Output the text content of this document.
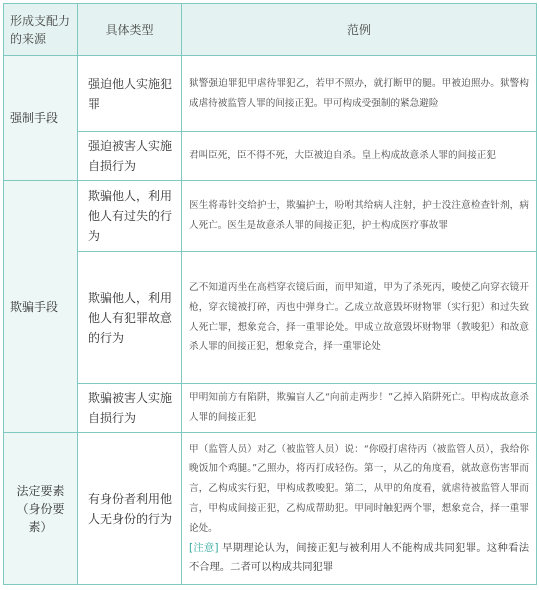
形成支配力的来源	具体类型	范例
强制手段	强迫他人实施犯罪	狱警强迫罪犯甲虐待罪犯乙，若甲不照办，就打断甲的腿。甲被迫照办。狱警构成虐待被监管人罪的间接正犯。甲可构成受强制的紧急避险
	强迫被害人实施自损行为	君叫臣死，臣不得不死，大臣被迫自杀。皇上构成故意杀人罪的间接正犯
欺骗手段	欺骗他人，利用他人有过失的行为	医生将毒针交给护士，欺骗护士，吩咐其给病人注射，护士没注意检查针剂，病人死亡。医生是故意杀人罪的间接正犯，护士构成医疗事故罪
	欺骗他人，利用他人有犯罪故意的行为	乙不知道丙坐在高档穿衣镜后面，而甲知道，甲为了杀死丙，唆使乙向穿衣镜开枪，穿衣镜被打碎，丙也中弹身亡。乙成立故意毁坏财物罪（实行犯）和过失致人死亡罪，想象竞合，择一重罪论处。甲成立故意毁坏财物罪（教唆犯）和故意杀人罪的间接正犯，想象竞合，择一重罪论处
	欺骗被害人实施自损行为	甲明知前方有陷阱，欺骗盲人乙“向前走两步！”乙掉入陷阱死亡。甲构成故意杀人罪的间接正犯
法定要素（身份要素）	有身份者利用他人无身份的行为	甲（监管人员）对乙（被监管人员）说：“你殴打虐待丙（被监管人员），我给你晚饭加个鸡腿。”乙照办，将丙打成轻伤。第一，从乙的角度看，就故意伤害罪而言，乙构成实行犯，甲构成教唆犯。第二，从甲的角度看，就虐待被监管人罪而言，甲构成间接正犯，乙构成帮助犯。甲同时触犯两个罪，想象竞合，择一重罪论处。
[注意] 早期理论认为，间接正犯与被利用人不能构成共同犯罪。这种看法不合理。二者可以构成共同犯罪
